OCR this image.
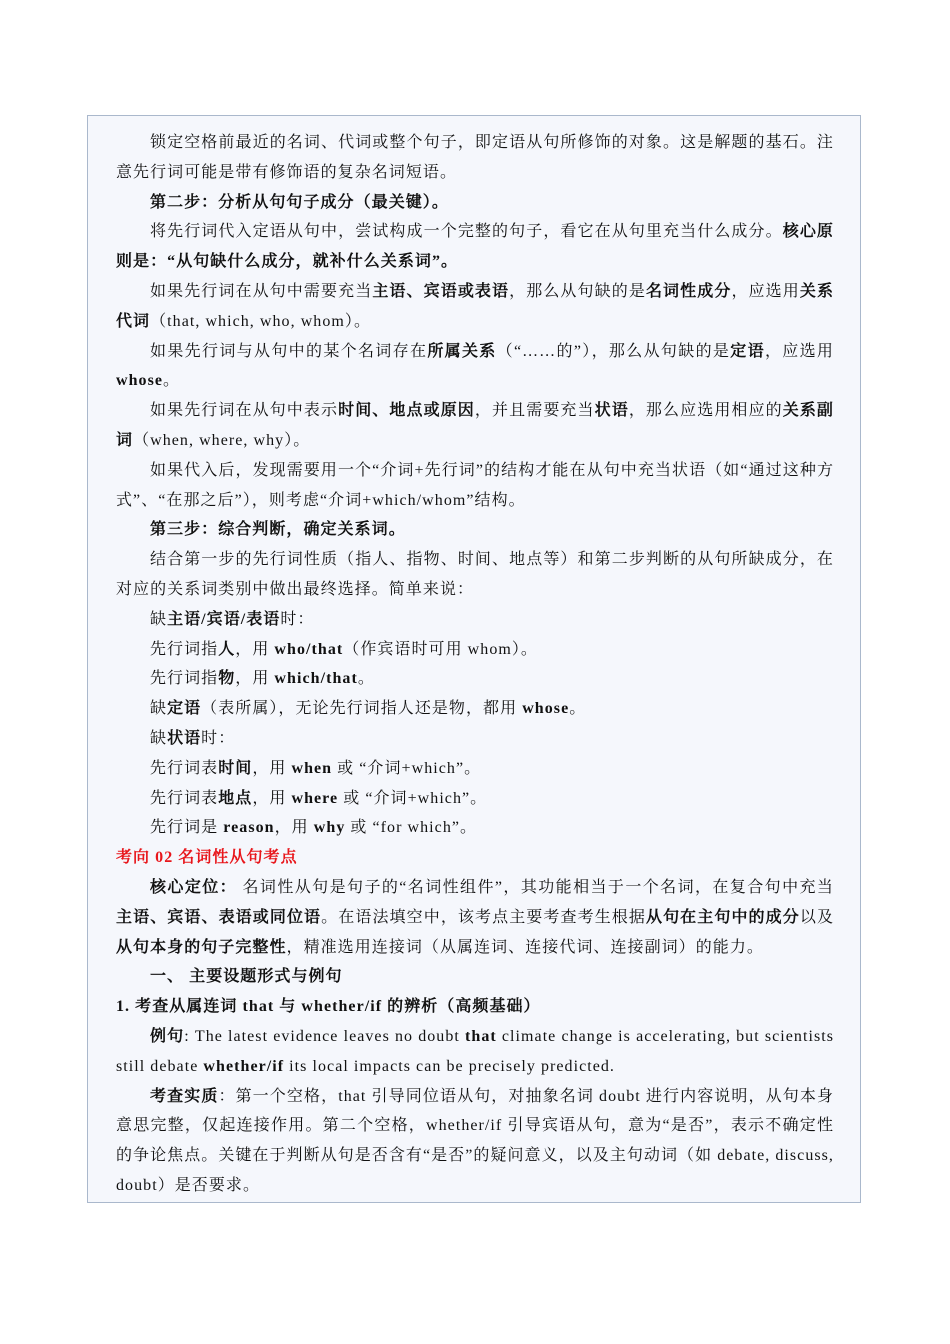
锁定空格前最近的名词、代词或整个句子，即定语从句所修饰的对象。这是解题的基石。注意先行词可能是带有修饰语的复杂名词短语。

第二步：分析从句句子成分（最关键）。

将先行词代入定语从句中，尝试构成一个完整的句子，看它在从句里充当什么成分。核心原则是：“从句缺什么成分，就补什么关系词”。

如果先行词在从句中需要充当主语、宾语或表语，那么从句缺的是名词性成分，应选用关系代词（that, which, who, whom）。

如果先行词与从句中的某个名词存在所属关系（“……的”），那么从句缺的是定语，应选用 whose。

如果先行词在从句中表示时间、地点或原因，并且需要充当状语，那么应选用相应的关系副词（when, where, why）。

如果代入后，发现需要用一个“介词+先行词”的结构才能在从句中充当状语（如“通过这种方式”、“在那之后”），则考虑“介词+which/whom”结构。

第三步：综合判断，确定关系词。

结合第一步的先行词性质（指人、指物、时间、地点等）和第二步判断的从句所缺成分，在对应的关系词类别中做出最终选择。简单来说：

缺主语/宾语/表语时：

先行词指人，用 who/that（作宾语时可用 whom）。

先行词指物，用 which/that。

缺定语（表所属），无论先行词指人还是物，都用 whose。

缺状语时：

先行词表时间，用 when 或 “介词+which”。

先行词表地点，用 where 或 “介词+which”。

先行词是 reason，用 why 或 “for which”。

考向 02 名词性从句考点

核心定位： 名词性从句是句子的“名词性组件”，其功能相当于一个名词，在复合句中充当主语、宾语、表语或同位语。在语法填空中，该考点主要考查考生根据从句在主句中的成分以及从句本身的句子完整性，精准选用连接词（从属连词、连接代词、连接副词）的能力。

一、 主要设题形式与例句

1. 考查从属连词 that 与 whether/if 的辨析（高频基础）

例句: The latest evidence leaves no doubt that climate change is accelerating, but scientists still debate whether/if its local impacts can be precisely predicted.

考查实质：第一个空格，that 引导同位语从句，对抽象名词 doubt 进行内容说明，从句本身意思完整，仅起连接作用。第二个空格，whether/if 引导宾语从句，意为“是否”，表示不确定性的争论焦点。关键在于判断从句是否含有“是否”的疑问意义，以及主句动词（如 debate, discuss, doubt）是否要求。
